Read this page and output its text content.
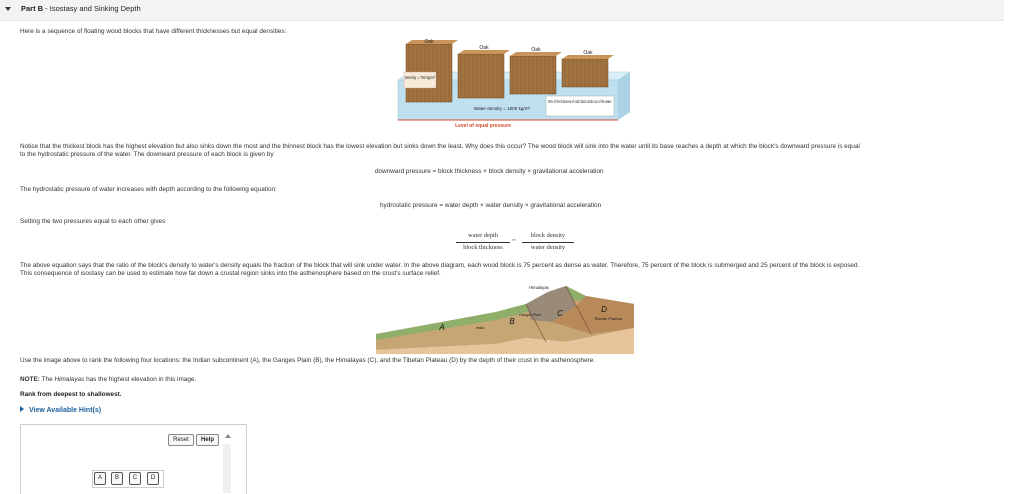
Part B - Isostasy and Sinking Depth
Here is a sequence of floating wood blocks that have different thicknesses but equal densities:
Oak
Oak	Oak	Oak
Density = 750 kg/m³
Water density = 1000 kg/m³
25% of the thickness of each block sticks out of the water.
Level of equal pressure
Notice that the thickest block has the highest elevation but also sinks down the most and the thinnest block has the lowest elevation but sinks down the least. Why does this occur? The wood block will sink into the water until its base reaches a depth at which the block's downward pressure is equal
to the hydrostatic pressure of the water. The downward pressure of each block is given by
downward pressure = block thickness × block density × gravitational acceleration
The hydrostatic pressure of water increases with depth according to the following equation:
hydrostatic pressure = water depth × water density × gravitational acceleration
Setting the two pressures equal to each other gives
water depth
block thickness
=
block density
water density
The above equation says that the ratio of the block's density to water's density equals the fraction of the block that will sink under water. In the above diagram, each wood block is 75 percent as dense as water. Therefore, 75 percent of the block is submerged and 25 percent of the block is exposed.
This consequence of isostasy can be used to estimate how far down a crustal region sinks into the asthenosphere based on the crust's surface relief.
Himalayas
Ganges Plain
Tibetan Plateau
India
A
B
C	D
Use the image above to rank the following four locations: the Indian subcontinent (A), the Ganges Plain (B), the Himalayas (C), and the Tibetan Plateau (D) by the depth of their crust in the asthenosphere.
NOTE: The Himalayas has the highest elevation in this image.
Rank from deepest to shallowest.
View Available Hint(s)
Reset	Help
A	B	C	D
